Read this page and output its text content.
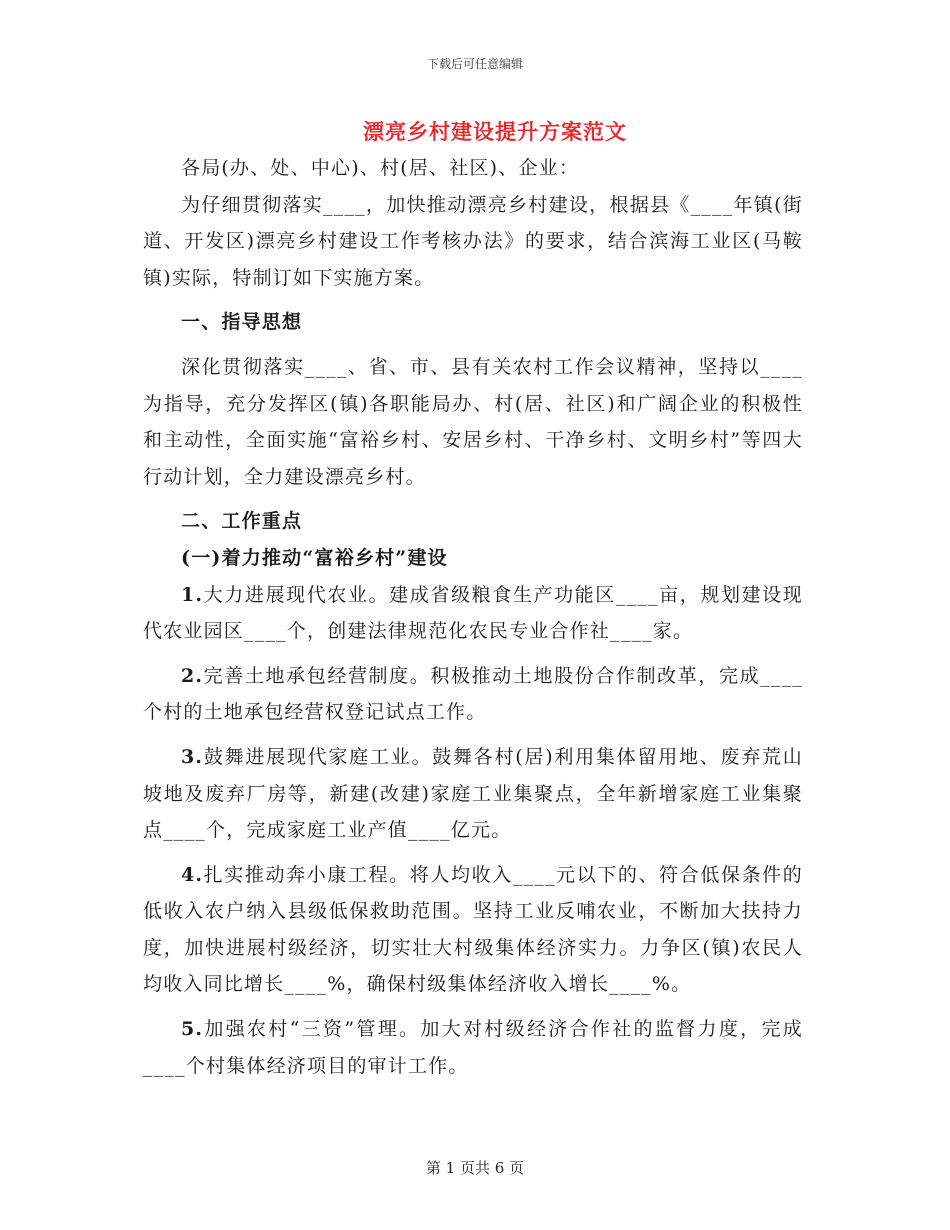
下载后可任意编辑
漂亮乡村建设提升方案范文

各局(办、处、中心)、村(居、社区)、企业：

为仔细贯彻落实____，加快推动漂亮乡村建设，根据县《____年镇(街道、开发区)漂亮乡村建设工作考核办法》的要求，结合滨海工业区(马鞍镇)实际，特制订如下实施方案。

一、指导思想

深化贯彻落实____、省、市、县有关农村工作会议精神，坚持以____为指导，充分发挥区(镇)各职能局办、村(居、社区)和广阔企业的积极性和主动性，全面实施“富裕乡村、安居乡村、干净乡村、文明乡村”等四大行动计划，全力建设漂亮乡村。

二、工作重点

(一)着力推动“富裕乡村”建设

1.大力进展现代农业。建成省级粮食生产功能区____亩，规划建设现代农业园区____个，创建法律规范化农民专业合作社____家。

2.完善土地承包经营制度。积极推动土地股份合作制改革，完成____个村的土地承包经营权登记试点工作。

3.鼓舞进展现代家庭工业。鼓舞各村(居)利用集体留用地、废弃荒山坡地及废弃厂房等，新建(改建)家庭工业集聚点，全年新增家庭工业集聚点____个，完成家庭工业产值____亿元。

4.扎实推动奔小康工程。将人均收入____元以下的、符合低保条件的低收入农户纳入县级低保救助范围。坚持工业反哺农业，不断加大扶持力度，加快进展村级经济，切实壮大村级集体经济实力。力争区(镇)农民人均收入同比增长____%，确保村级集体经济收入增长____%。

5.加强农村“三资”管理。加大对村级经济合作社的监督力度，完成____个村集体经济项目的审计工作。

第 1 页共 6 页
